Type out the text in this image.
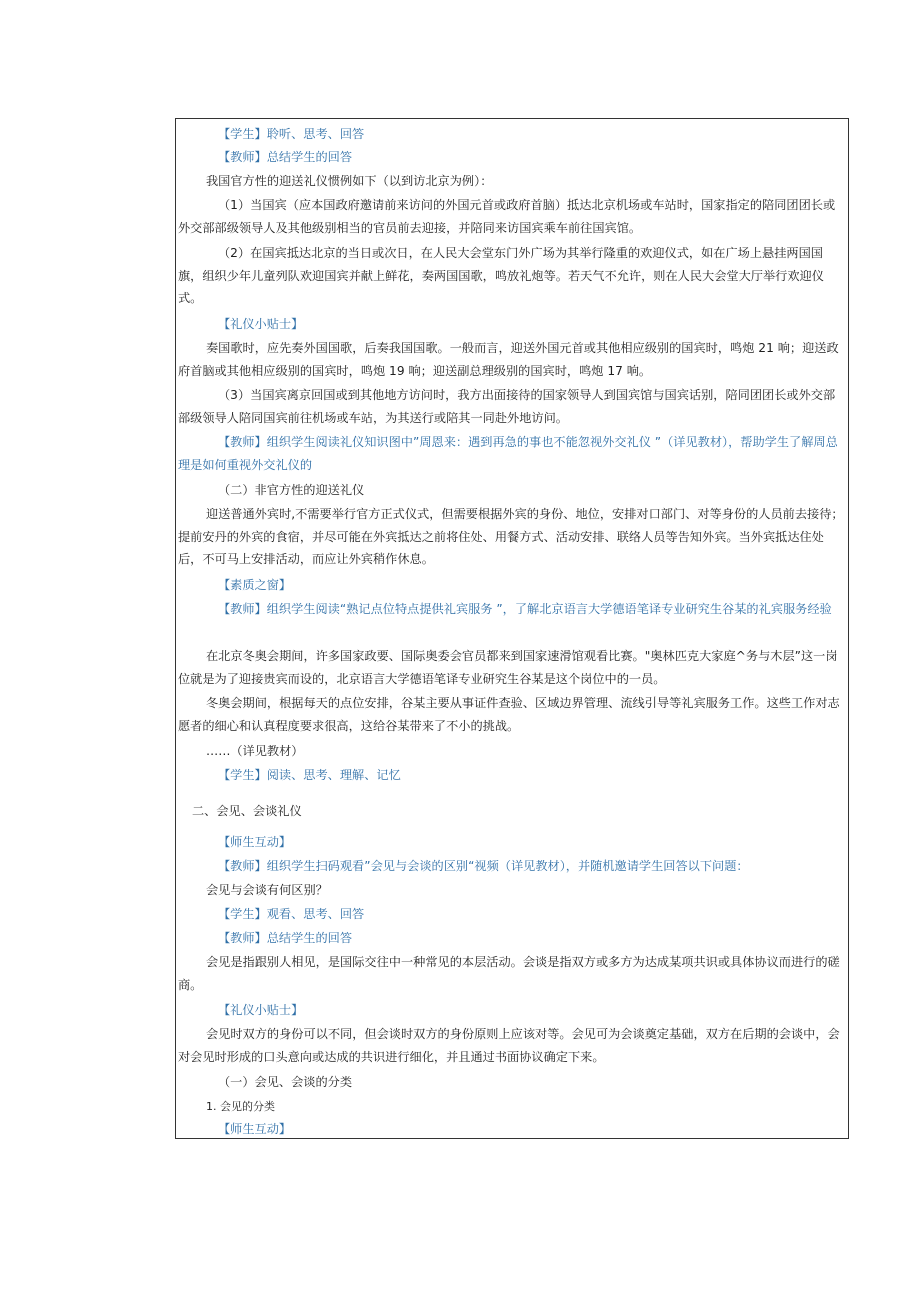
【学生】聆听、思考、回答

【教师】总结学生的回答

我国官方性的迎送礼仪惯例如下（以到访北京为例）：

（1）当国宾（应本国政府邀请前来访问的外国元首或政府首脑）抵达北京机场或车站时，国家指定的陪同团团长或外交部部级领导人及其他级别相当的官员前去迎接，并陪同来访国宾乘车前往国宾馆。

（2）在国宾抵达北京的当日或次日，在人民大会堂东门外广场为其举行隆重的欢迎仪式，如在广场上悬挂两国国旗，组织少年儿童列队欢迎国宾并献上鲜花，奏两国国歌，鸣放礼炮等。若天气不允许，则在人民大会堂大厅举行欢迎仪式。

【礼仪小贴士】

奏国歌时，应先奏外国国歌，后奏我国国歌。一般而言，迎送外国元首或其他相应级别的国宾时，鸣炮 21 响；迎送政府首脑或其他相应级别的国宾时，鸣炮 19 响；迎送副总理级别的国宾时，鸣炮 17 响。

（3）当国宾离京回国或到其他地方访问时，我方出面接待的国家领导人到国宾馆与国宾话别，陪同团团长或外交部部级领导人陪同国宾前往机场或车站，为其送行或陪其一同赴外地访问。

【教师】组织学生阅读礼仪知识图中”周恩来：遇到再急的事也不能忽视外交礼仪 ”（详见教材），帮助学生了解周总理是如何重视外交礼仪的

（二）非官方性的迎送礼仪

迎送普通外宾时,不需要举行官方正式仪式，但需要根据外宾的身份、地位，安排对口部门、对等身份的人员前去接待；提前安丹的外宾的食宿，并尽可能在外宾抵达之前将住处、用餐方式、活动安排、联络人员等告知外宾。当外宾抵达住处后，不可马上安排活动，而应让外宾稍作休息。

【素质之窗】

【教师】组织学生阅读“熟记点位特点提供礼宾服务 ”，了解北京语言大学德语笔译专业研究生谷某的礼宾服务经验

在北京冬奥会期间，许多国家政要、国际奥委会官员都来到国家速滑馆观看比赛。"奥林匹克大家庭^务与木层”这一岗位就是为了迎接贵宾而设的，北京语言大学德语笔译专业研究生谷某是这个岗位中的一员。

冬奥会期间，根据每天的点位安排，谷某主要从事证件查验、区域边界管理、流线引导等礼宾服务工作。这些工作对志愿者的细心和认真程度要求很高，这给谷某带来了不小的挑战。

……（详见教材）

【学生】阅读、思考、理解、记忆

二、会见、会谈礼仪

【师生互动】

【教师】组织学生扫码观看”会见与会谈的区别“视频（详见教材），并随机邀请学生回答以下问题：

会见与会谈有何区别？

【学生】观看、思考、回答

【教师】总结学生的回答

会见是指跟别人相见，是国际交往中一种常见的本层活动。会谈是指双方或多方为达成某项共识或具体协议而进行的磋商。

【礼仪小贴士】

会见时双方的身份可以不同，但会谈时双方的身份原则上应该对等。会见可为会谈奠定基础，双方在后期的会谈中，会对会见时形成的口头意向或达成的共识进行细化，并且通过书面协议确定下来。

（一）会见、会谈的分类

1. 会见的分类

【师生互动】
